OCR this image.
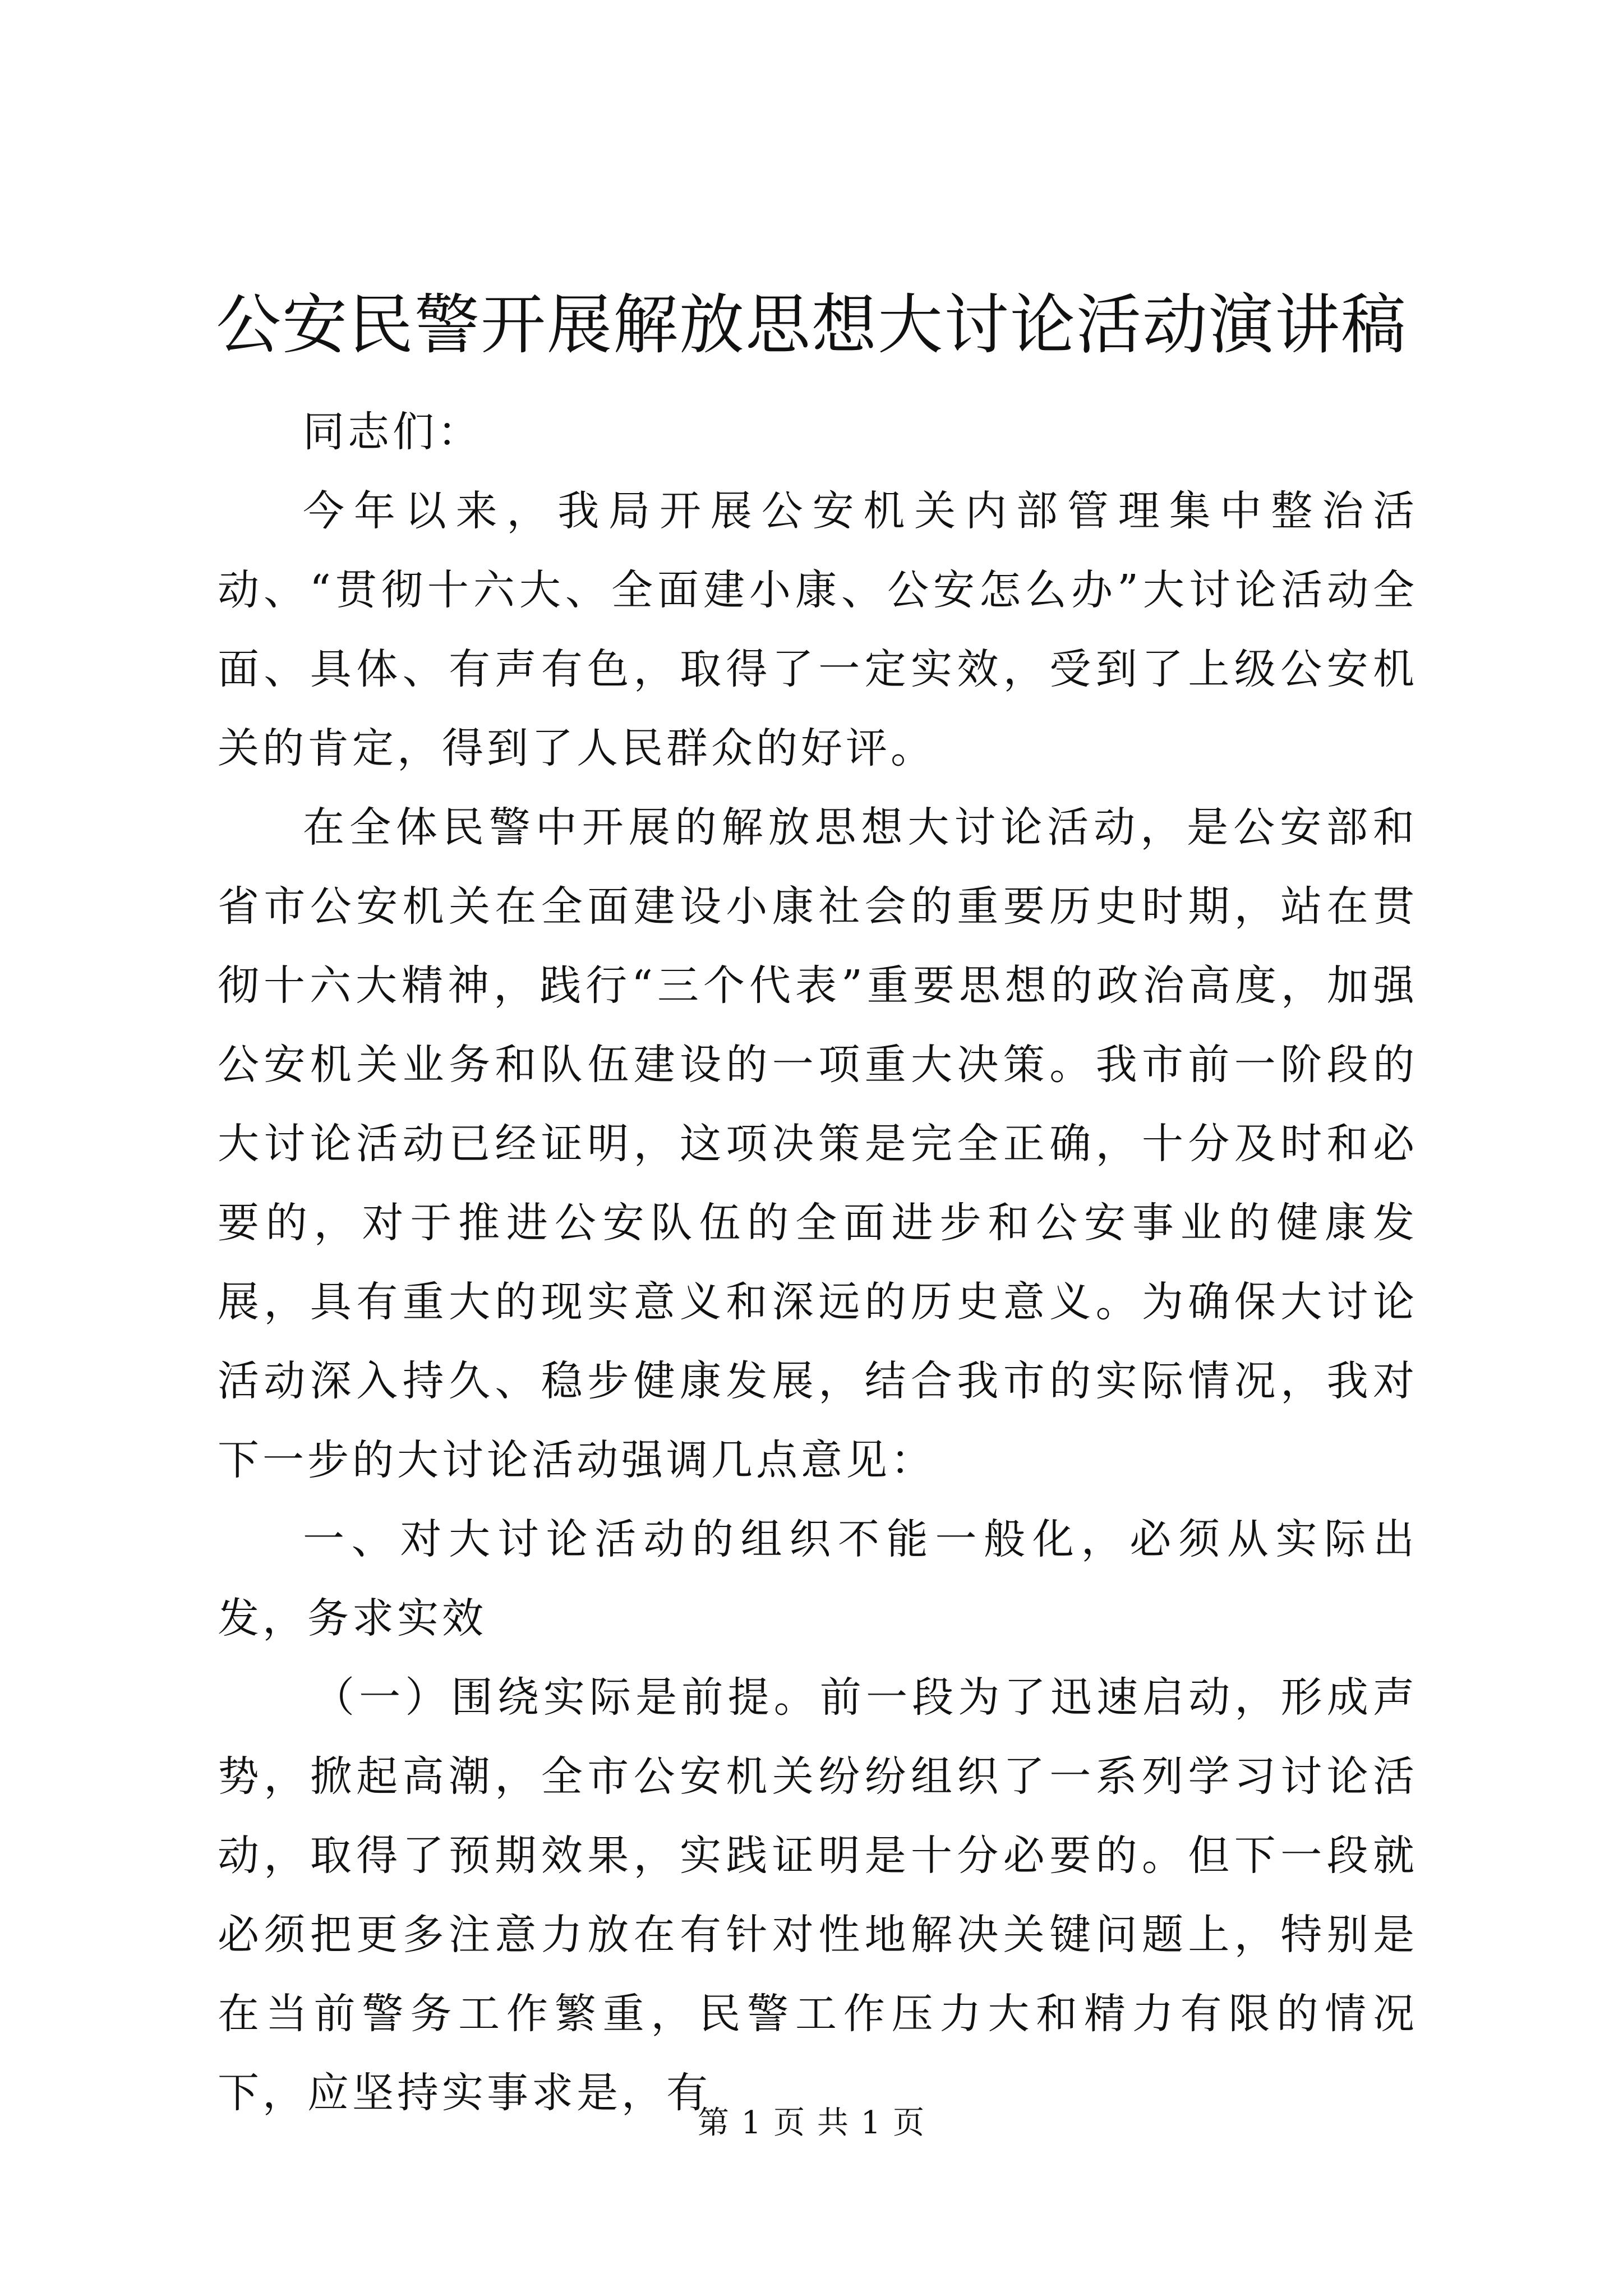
公安民警开展解放思想大讨论活动演讲稿

同志们：

今年以来，我局开展公安机关内部管理集中整治活动、“贯彻十六大、全面建小康、公安怎么办”大讨论活动全面、具体、有声有色，取得了一定实效，受到了上级公安机关的肯定，得到了人民群众的好评。

在全体民警中开展的解放思想大讨论活动，是公安部和省市公安机关在全面建设小康社会的重要历史时期，站在贯彻十六大精神，践行“三个代表”重要思想的政治高度，加强公安机关业务和队伍建设的一项重大决策。我市前一阶段的大讨论活动已经证明，这项决策是完全正确，十分及时和必要的，对于推进公安队伍的全面进步和公安事业的健康发展，具有重大的现实意义和深远的历史意义。为确保大讨论活动深入持久、稳步健康发展，结合我市的实际情况，我对下一步的大讨论活动强调几点意见：

一、对大讨论活动的组织不能一般化，必须从实际出发，务求实效

（一）围绕实际是前提。前一段为了迅速启动，形成声势，掀起高潮，全市公安机关纷纷组织了一系列学习讨论活动，取得了预期效果，实践证明是十分必要的。但下一段就必须把更多注意力放在有针对性地解决关键问题上，特别是在当前警务工作繁重，民警工作压力大和精力有限的情况下，应坚持实事求是，有

第 1 页 共 1 页
